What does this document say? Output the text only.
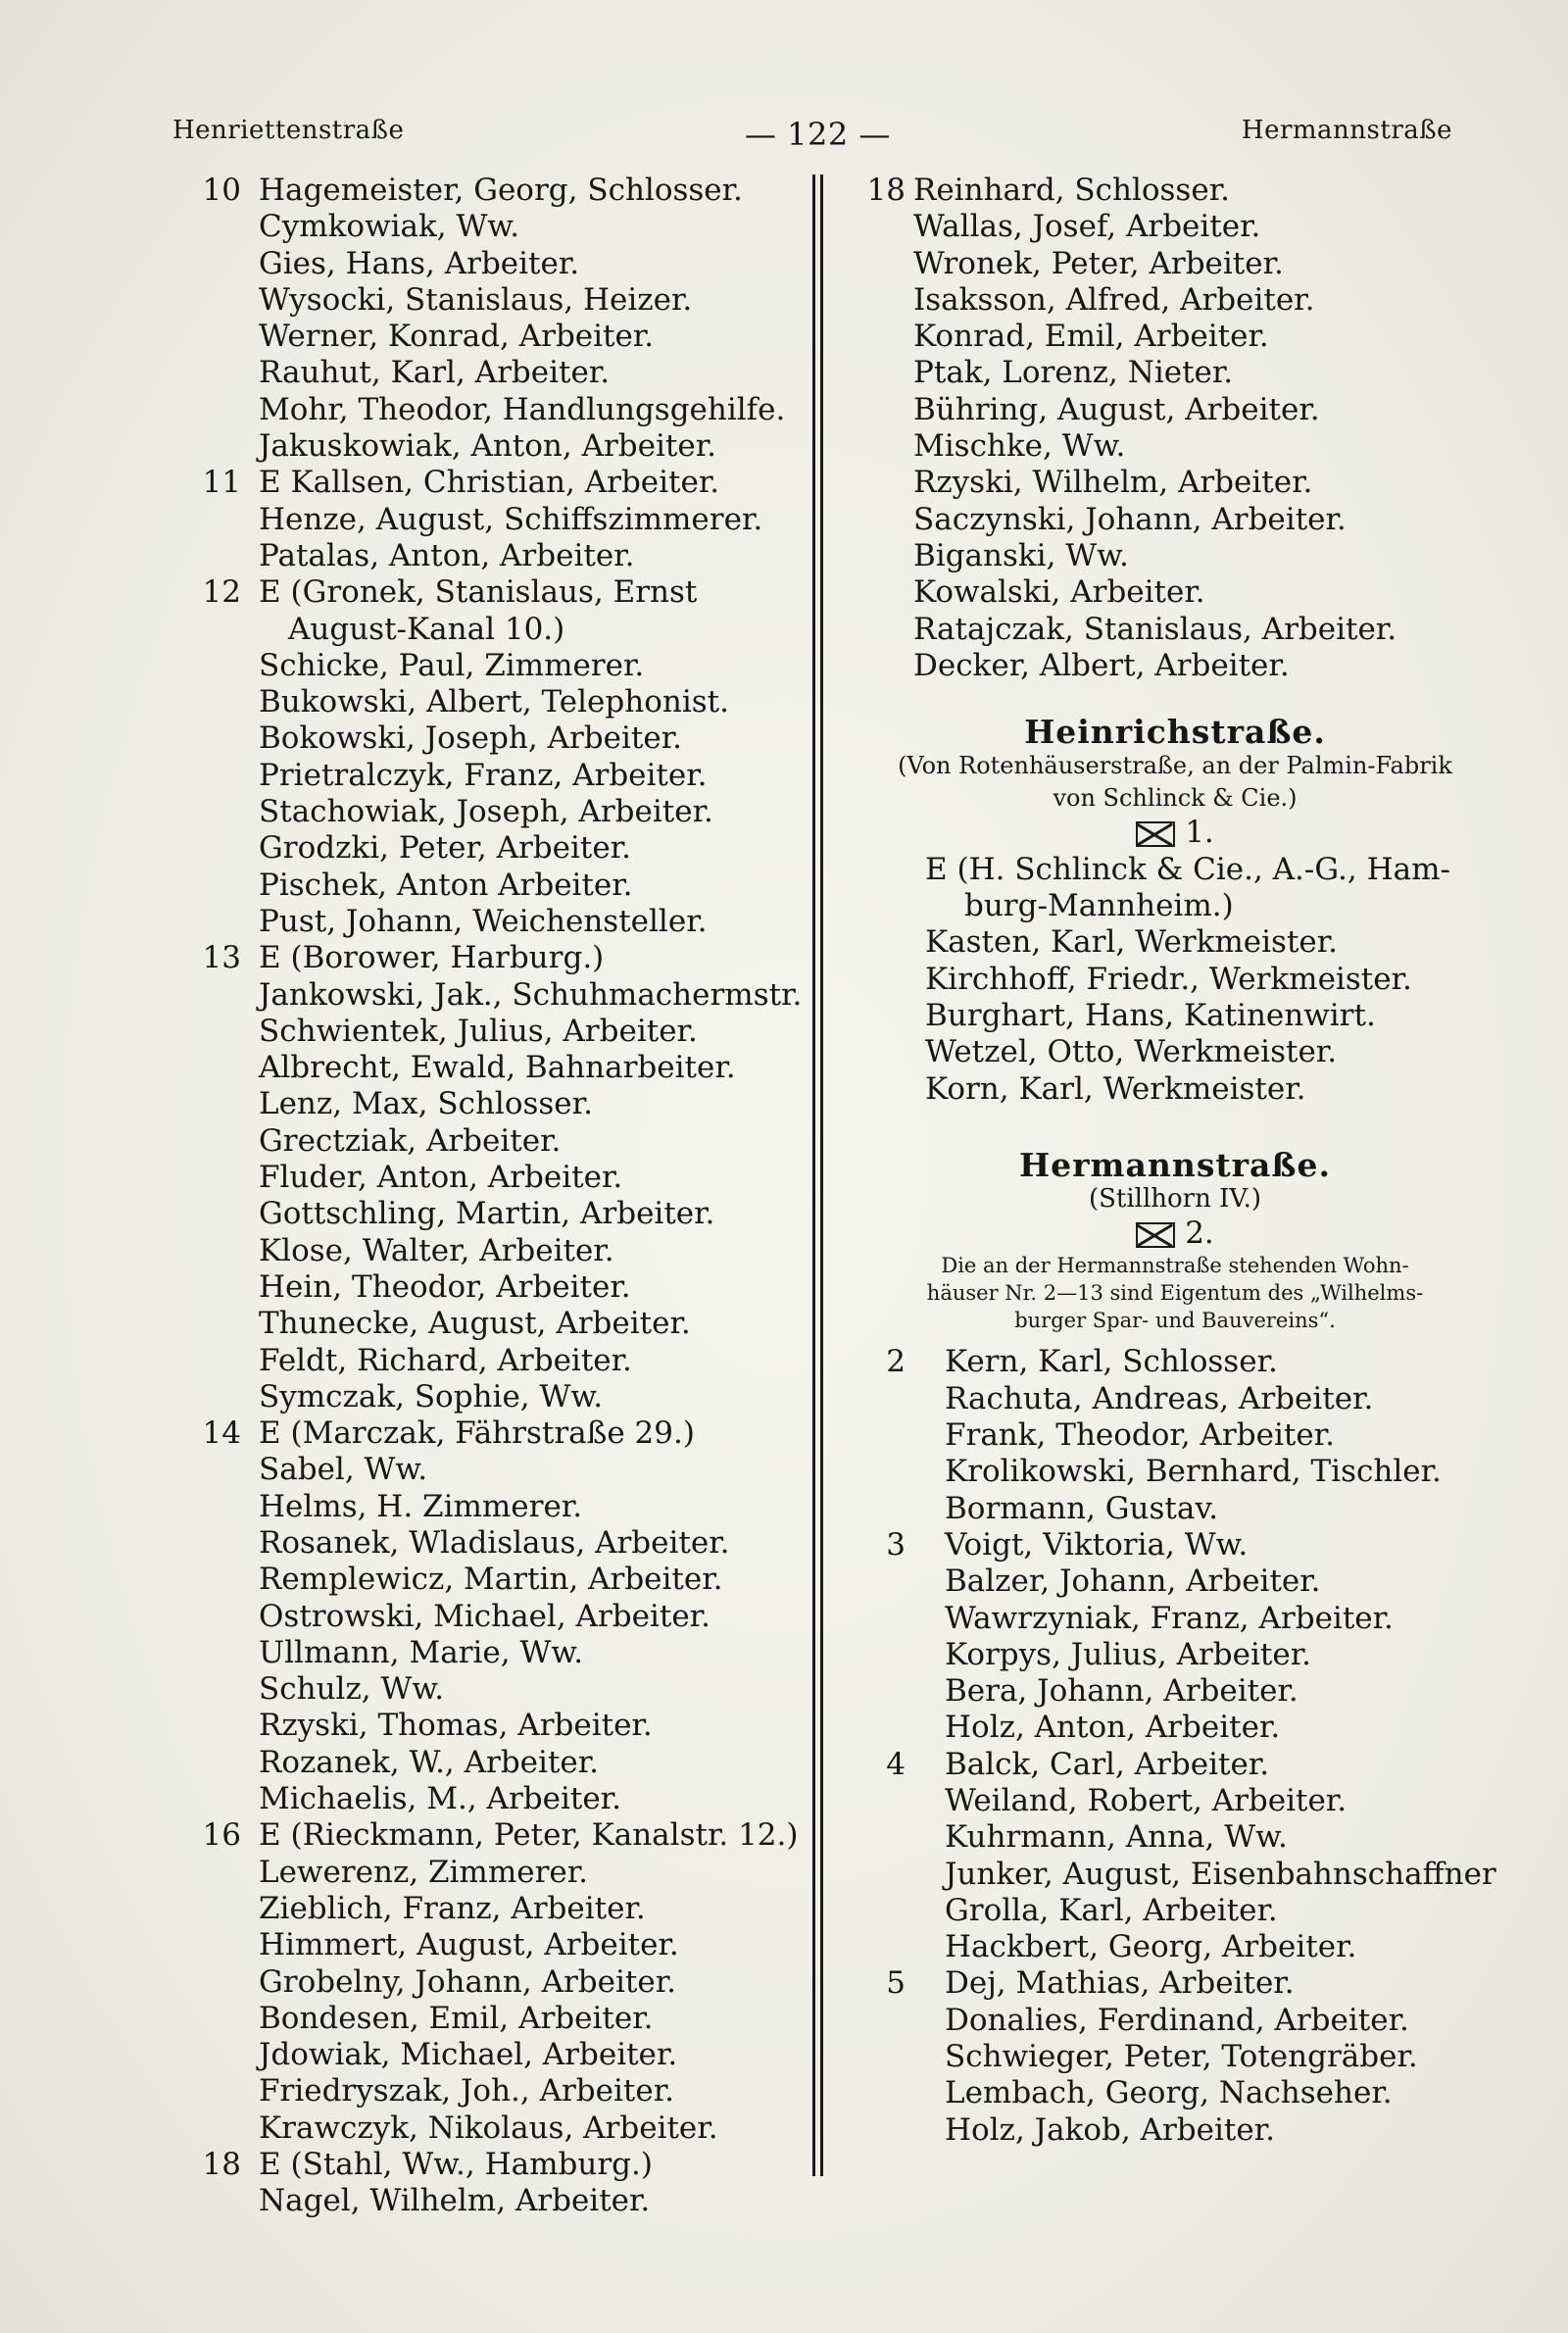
Henriettenstraße	— 122 —	Hermannstraße
10 Hagemeister, Georg, Schlosser.
Cymkowiak, Ww.
Gies, Hans, Arbeiter.
Wysocki, Stanislaus, Heizer.
Werner, Konrad, Arbeiter.
Rauhut, Karl, Arbeiter.
Mohr, Theodor, Handlungsgehilfe.
Jakuskowiak, Anton, Arbeiter.
11 E Kallsen, Christian, Arbeiter.
Henze, August, Schiffszimmerer.
Patalas, Anton, Arbeiter.
12 E (Gronek, Stanislaus, Ernst
August-Kanal 10.)
Schicke, Paul, Zimmerer.
Bukowski, Albert, Telephonist.
Bokowski, Joseph, Arbeiter.
Prietralczyk, Franz, Arbeiter.
Stachowiak, Joseph, Arbeiter.
Grodzki, Peter, Arbeiter.
Pischek, Anton Arbeiter.
Pust, Johann, Weichensteller.
13 E (Borower, Harburg.)
Jankowski, Jak., Schuhmachermstr.
Schwientek, Julius, Arbeiter.
Albrecht, Ewald, Bahnarbeiter.
Lenz, Max, Schlosser.
Grectziak, Arbeiter.
Fluder, Anton, Arbeiter.
Gottschling, Martin, Arbeiter.
Klose, Walter, Arbeiter.
Hein, Theodor, Arbeiter.
Thunecke, August, Arbeiter.
Feldt, Richard, Arbeiter.
Symczak, Sophie, Ww.
14 E (Marczak, Fährstraße 29.)
Sabel, Ww.
Helms, H. Zimmerer.
Rosanek, Wladislaus, Arbeiter.
Remplewicz, Martin, Arbeiter.
Ostrowski, Michael, Arbeiter.
Ullmann, Marie, Ww.
Schulz, Ww.
Rzyski, Thomas, Arbeiter.
Rozanek, W., Arbeiter.
Michaelis, M., Arbeiter.
16 E (Rieckmann, Peter, Kanalstr. 12.)
Lewerenz, Zimmerer.
Zieblich, Franz, Arbeiter.
Himmert, August, Arbeiter.
Grobelny, Johann, Arbeiter.
Bondesen, Emil, Arbeiter.
Jdowiak, Michael, Arbeiter.
Friedryszak, Joh., Arbeiter.
Krawczyk, Nikolaus, Arbeiter.
18 E (Stahl, Ww., Hamburg.)
Nagel, Wilhelm, Arbeiter.
18 Reinhard, Schlosser.
Wallas, Josef, Arbeiter.
Wronek, Peter, Arbeiter.
Isaksson, Alfred, Arbeiter.
Konrad, Emil, Arbeiter.
Ptak, Lorenz, Nieter.
Bühring, August, Arbeiter.
Mischke, Ww.
Rzyski, Wilhelm, Arbeiter.
Saczynski, Johann, Arbeiter.
Biganski, Ww.
Kowalski, Arbeiter.
Ratajczak, Stanislaus, Arbeiter.
Decker, Albert, Arbeiter.
Heinrichstraße.
(Von Rotenhäuserstraße, an der Palmin-Fabrik
von Schlinck & Cie.)
1.
E (H. Schlinck & Cie., A.-G., Ham-
burg-Mannheim.)
Kasten, Karl, Werkmeister.
Kirchhoff, Friedr., Werkmeister.
Burghart, Hans, Katinenwirt.
Wetzel, Otto, Werkmeister.
Korn, Karl, Werkmeister.
Hermannstraße.
(Stillhorn IV.)
2.
Die an der Hermannstraße stehenden Wohn-
häuser Nr. 2—13 sind Eigentum des „Wilhelms-
burger Spar- und Bauvereins“.
2 Kern, Karl, Schlosser.
Rachuta, Andreas, Arbeiter.
Frank, Theodor, Arbeiter.
Krolikowski, Bernhard, Tischler.
Bormann, Gustav.
3 Voigt, Viktoria, Ww.
Balzer, Johann, Arbeiter.
Wawrzyniak, Franz, Arbeiter.
Korpys, Julius, Arbeiter.
Bera, Johann, Arbeiter.
Holz, Anton, Arbeiter.
4 Balck, Carl, Arbeiter.
Weiland, Robert, Arbeiter.
Kuhrmann, Anna, Ww.
Junker, August, Eisenbahnschaffner
Grolla, Karl, Arbeiter.
Hackbert, Georg, Arbeiter.
5 Dej, Mathias, Arbeiter.
Donalies, Ferdinand, Arbeiter.
Schwieger, Peter, Totengräber.
Lembach, Georg, Nachseher.
Holz, Jakob, Arbeiter.
